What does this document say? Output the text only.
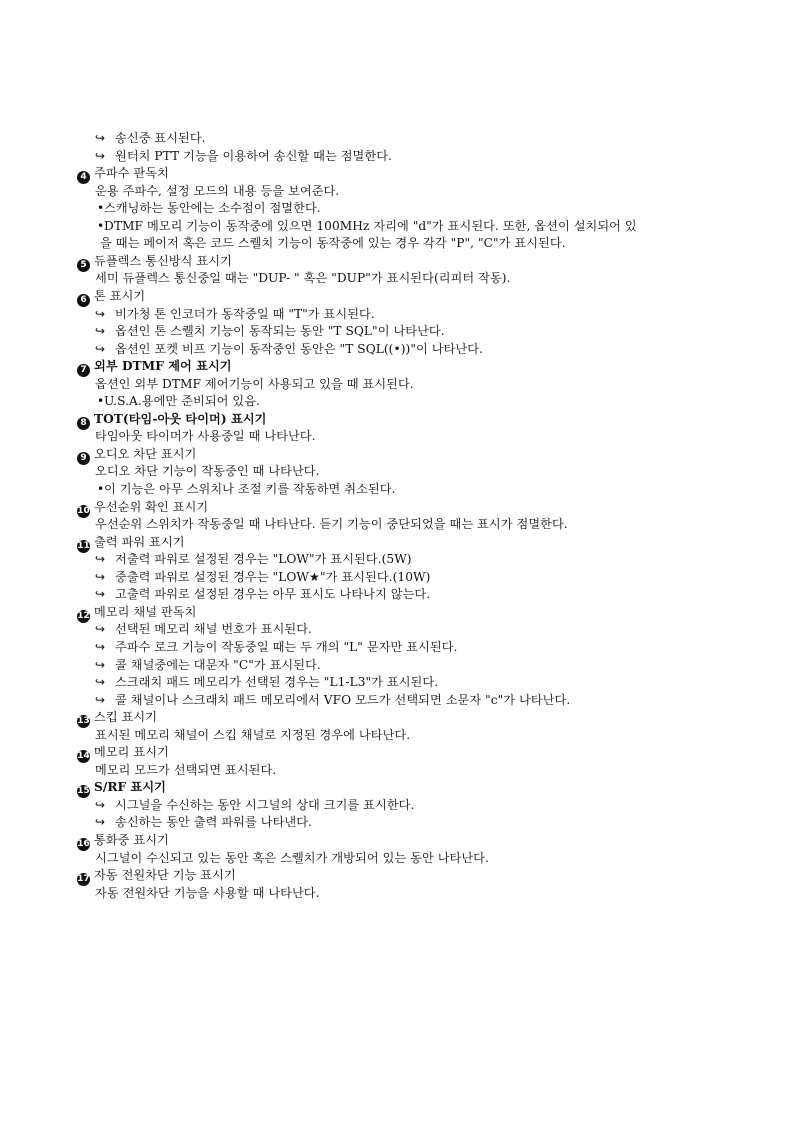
↪ 송신중 표시된다.
↪ 원터치 PTT 기능을 이용하여 송신할 때는 점멸한다.
4 주파수 판독치
운용 주파수, 설정 모드의 내용 등을 보여준다.
•스캐닝하는 동안에는 소수점이 점멸한다.
•DTMF 메모리 기능이 동작중에 있으면 100MHz 자리에 "d"가 표시된다. 또한, 옵션이 설치되어 있
을 때는 페이저 혹은 코드 스퀠치 기능이 동작중에 있는 경우 각각 "P", "C"가 표시된다.
5 듀플렉스 통신방식 표시기
세미 듀플렉스 통신중일 때는 "DUP- " 혹은 "DUP"가 표시된다(리피터 작동).
6 톤 표시기
↪ 비가청 톤 인코더가 동작중일 때 "T"가 표시된다.
↪ 옵션인 톤 스퀠치 기능이 동작되는 동안 "T SQL"이 나타난다.
↪ 옵션인 포켓 비프 기능이 동작중인 동안은 "T SQL((•))"이 나타난다.
7 외부 DTMF 제어 표시기
옵션인 외부 DTMF 제어기능이 사용되고 있을 때 표시된다.
•U.S.A.용에만 준비되어 있음.
8 TOT(타임-아웃 타이머) 표시기
타임아웃 타이머가 사용중일 때 나타난다.
9 오디오 차단 표시기
오디오 차단 기능이 작동중인 때 나타난다.
•이 기능은 아무 스위치나 조절 키를 작동하면 취소된다.
10 우선순위 확인 표시기
우선순위 스위치가 작동중일 때 나타난다. 듣기 기능이 중단되었을 때는 표시가 점멸한다.
11 출력 파워 표시기
↪ 저출력 파워로 설정된 경우는 "LOW"가 표시된다.(5W)
↪ 중출력 파워로 설정된 경우는 "LOW★"가 표시된다.(10W)
↪ 고출력 파워로 설정된 경우는 아무 표시도 나타나지 않는다.
12 메모리 채널 판독치
↪ 선택된 메모리 채널 번호가 표시된다.
↪ 주파수 로크 기능이 작동중일 때는 두 개의 "L" 문자만 표시된다.
↪ 콜 채널중에는 대문자 "C"가 표시된다.
↪ 스크래치 패드 메모리가 선택된 경우는 "L1-L3"가 표시된다.
↪ 콜 채널이나 스크래치 패드 메모리에서 VFO 모드가 선택되면 소문자 "c"가 나타난다.
13 스킵 표시기
표시된 메모리 채널이 스킵 채널로 지정된 경우에 나타난다.
14 메모리 표시기
메모리 모드가 선택되면 표시된다.
15 S/RF 표시기
↪ 시그널을 수신하는 동안 시그널의 상대 크기를 표시한다.
↪ 송신하는 동안 출력 파워를 나타낸다.
16 통화중 표시기
시그널이 수신되고 있는 동안 혹은 스퀠치가 개방되어 있는 동안 나타난다.
17 자동 전원차단 기능 표시기
자동 전원차단 기능을 사용할 때 나타난다.
